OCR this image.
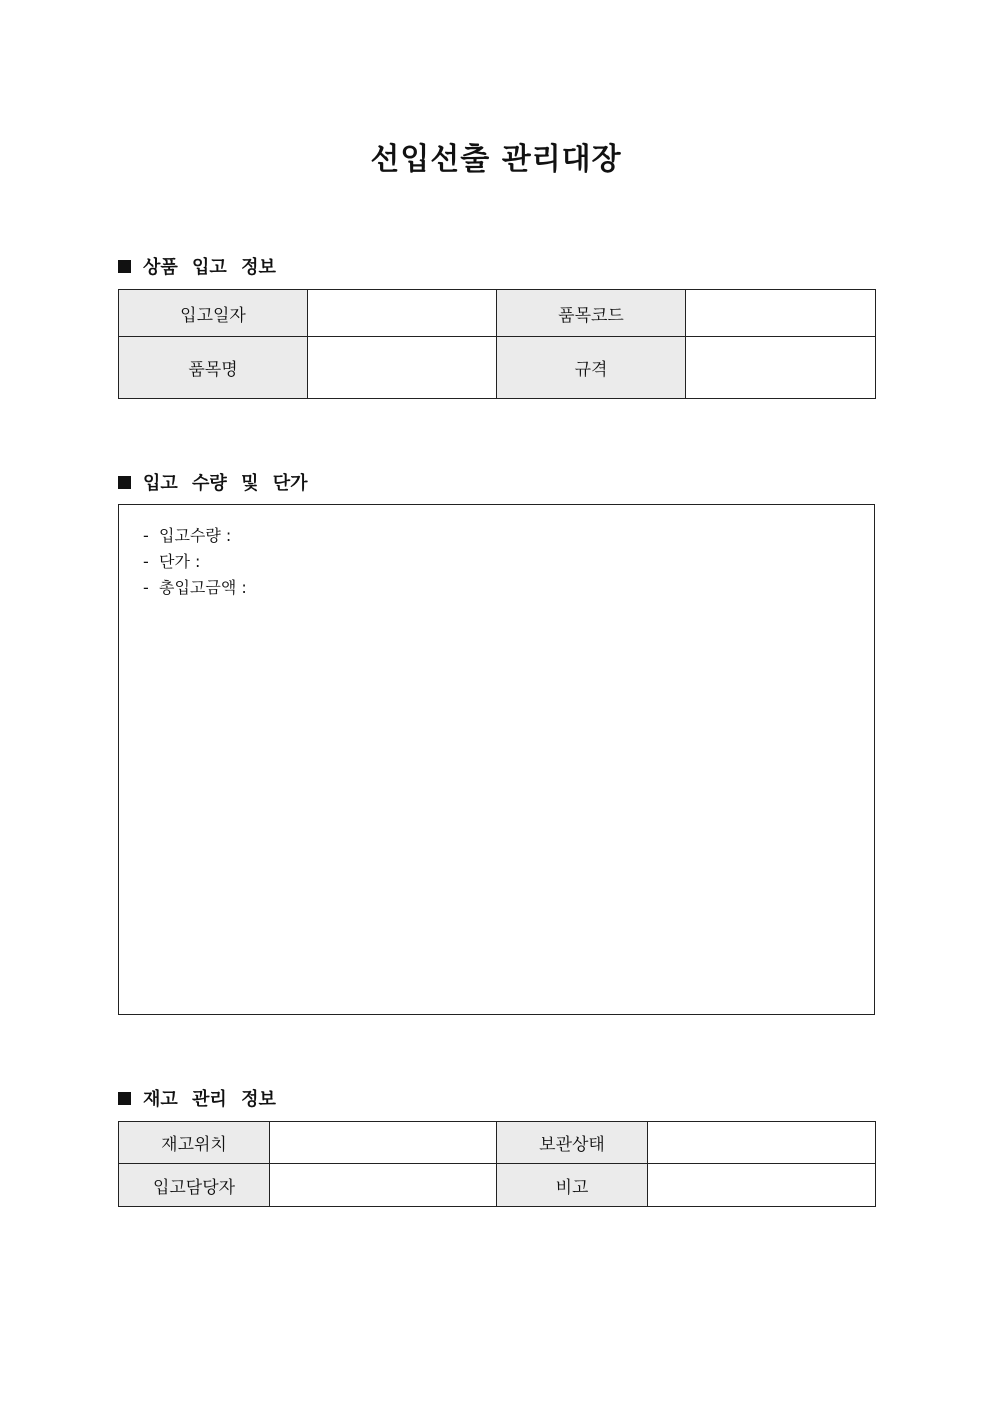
선입선출 관리대장
상품 입고 정보
입고일자		품목코드	
품목명		규격	
입고 수량 및 단가
- 입고수량 :
- 단가 :
- 총입고금액 :
재고 관리 정보
재고위치		보관상태	
입고담당자		비고	
